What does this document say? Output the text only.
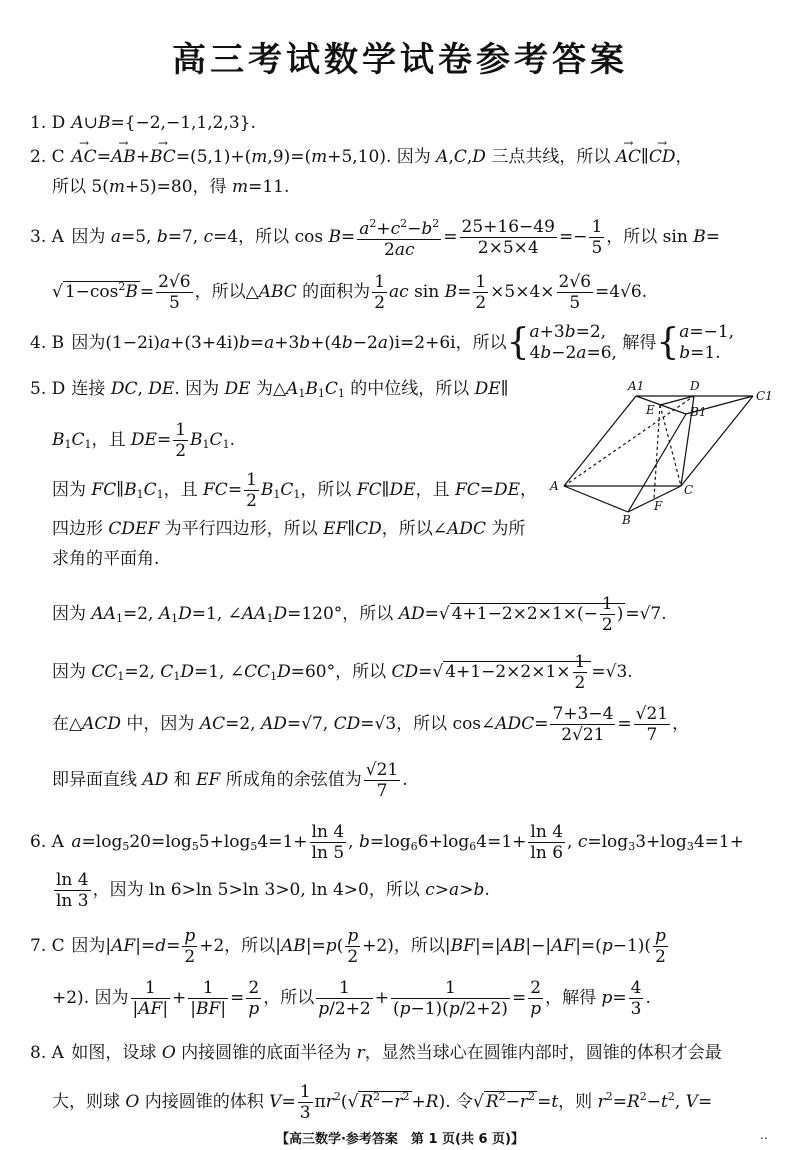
高三考试数学试卷参考答案
1. D A∪B={−2,−1,1,2,3}.
2. C → AC=→ AB+→ BC=(5,1)+(m,9)=(m+5,10). 因为 A,C,D 三点共线，所以 → AC∥→ CD，
所以 5(m+5)=80，得 m=11.
3. A 因为 a=5, b=7, c=4，所以 $\cos B= \frac{a^2+c^2-b^2}{2ac} = \frac{25+16-49}{2\times 5\times 4} =- \frac{1}{5}$ ，所以 sin B=
√ $1-\cos^2B = \frac{2√6}{5}$ ，所以△ABC 的面积为 $\frac{1}{2}$ ac $\sin B= \frac{1}{2} \times 5\times 4\times \frac{2√6}{5} =4√6$.
4. B 因为(1−2i)a+(3+4i)b=a+3b+(4b−2a)i=2+6i，所以{ a+3b=2,
4b−2a=6,
解得{ a=−1,
b=1.
5. D 连接 DC, DE. 因为 DE 为$\triangle A_1B_1C_1$ 的中位线，所以 DE∥
$B_1C_1$，且 $DE= \frac{1}{2} B_1C_1$.
因为 $FC\parallel B_1C_1$，且 $FC= \frac{1}{2} B_1C_1$，所以 FC∥DE，且 FC=DE，
四边形 CDEF 为平行四边形，所以 EF∥CD，所以∠ADC 为所
求角的平面角.
因为 $AA_1=2$, $A_1D=1$, $\angle AA_1D=120^\circ$，所以 AD=√ $4+1-2\times 2\times 1\times(- \frac{1}{2}$ ) =√7.
因为 $CC_1=2$, $C_1D=1$, $\angle CC_1D=60^\circ$，所以 CD=√ $4+1-2\times 2\times 1\times \frac{1}{2} =√3$.
在△ACD 中，因为 AC=2, AD=√7, CD=√3，所以 cos∠ADC= $\frac{7+3-4}{2√21} = \frac{√21}{7}$ ，
即异面直线 AD 和 EF 所成角的余弦值为 $\frac{√21}{7}$ .
A1	D
C1
E	B1
A	C
F
B
6. A $a=\log_520=\log_55+\log_54=1+ \frac{\ln 4}{\ln 5}$ , $b=\log_66+\log_64=1+ \frac{\ln 4}{\ln 6}$ , $c=\log_33+\log_34=1+$
$\frac{\ln 4}{\ln 3}$ ，因为 ln 6>ln 5>ln 3>0, ln 4>0，所以 c>a>b.
7. C 因为$|AF|=d= \frac{p}{2} +2$，所以$|AB|=p( \frac{p}{2} +2)$，所以$|BF|=|AB|-|AF|=(p-1)( \frac{p}{2}$
+2). 因为 $\frac{1}{|AF|} + \frac{1}{|BF|} = \frac{2}{p}$ ，所以 $\frac{1}{p/2+2} + \frac{1}{(p-1)(p/2+2)} = \frac{2}{p}$ ，解得 $p= \frac{4}{3}$ .
8. A 如图，设球 O 内接圆锥的底面半径为 r，显然当球心在圆锥内部时，圆锥的体积才会最
大，则球 O 内接圆锥的体积 $V= \frac{1}{3} \pi r^2(√$ $R^2-r^2 +R$). 令√ $R^2-r^2 =t$，则 $r^2=R^2-t^2$, V=
【高三数学·参考答案　第 1 页(共 6 页)】	..
